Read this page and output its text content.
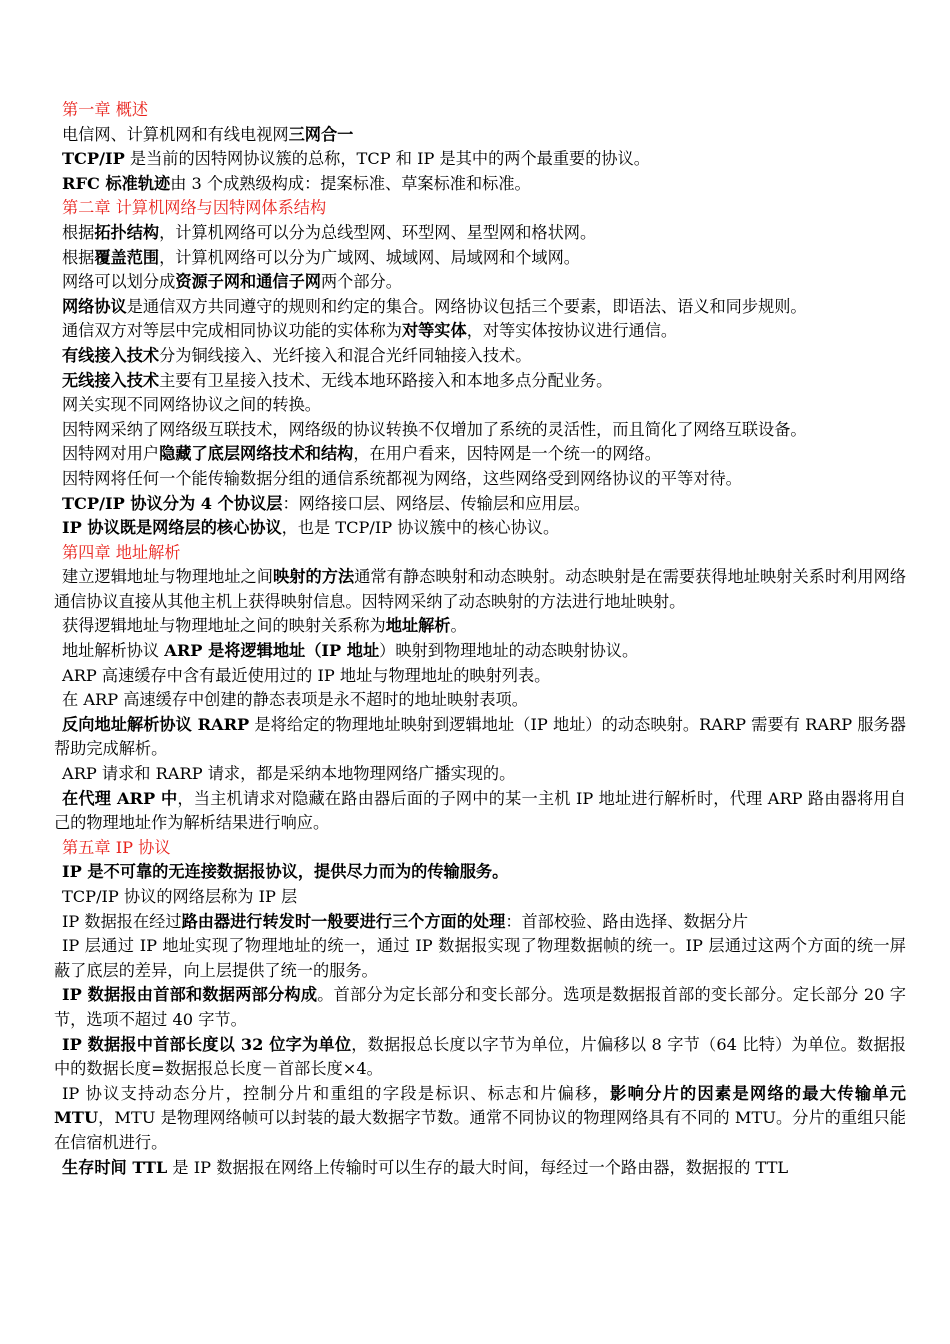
第一章 概述

电信网、计算机网和有线电视网三网合一

TCP/IP 是当前的因特网协议簇的总称，TCP 和 IP 是其中的两个最重要的协议。

RFC 标准轨迹由 3 个成熟级构成：提案标准、草案标准和标准。

第二章 计算机网络与因特网体系结构

根据拓扑结构，计算机网络可以分为总线型网、环型网、星型网和格状网。

根据覆盖范围，计算机网络可以分为广域网、城域网、局域网和个域网。

网络可以划分成资源子网和通信子网两个部分。

网络协议是通信双方共同遵守的规则和约定的集合。网络协议包括三个要素，即语法、语义和同步规则。

通信双方对等层中完成相同协议功能的实体称为对等实体，对等实体按协议进行通信。

有线接入技术分为铜线接入、光纤接入和混合光纤同轴接入技术。

无线接入技术主要有卫星接入技术、无线本地环路接入和本地多点分配业务。

网关实现不同网络协议之间的转换。

因特网采纳了网络级互联技术，网络级的协议转换不仅增加了系统的灵活性，而且简化了网络互联设备。

因特网对用户隐藏了底层网络技术和结构，在用户看来，因特网是一个统一的网络。

因特网将任何一个能传输数据分组的通信系统都视为网络，这些网络受到网络协议的平等对待。

TCP/IP 协议分为 4 个协议层：网络接口层、网络层、传输层和应用层。

IP 协议既是网络层的核心协议，也是 TCP/IP 协议簇中的核心协议。

第四章 地址解析

建立逻辑地址与物理地址之间映射的方法通常有静态映射和动态映射。动态映射是在需要获得地址映射关系时利用网络通信协议直接从其他主机上获得映射信息。因特网采纳了动态映射的方法进行地址映射。

获得逻辑地址与物理地址之间的映射关系称为地址解析。

地址解析协议 ARP 是将逻辑地址（IP 地址）映射到物理地址的动态映射协议。

ARP 高速缓存中含有最近使用过的 IP 地址与物理地址的映射列表。

在 ARP 高速缓存中创建的静态表项是永不超时的地址映射表项。

反向地址解析协议 RARP 是将给定的物理地址映射到逻辑地址（IP 地址）的动态映射。RARP 需要有 RARP 服务器帮助完成解析。

ARP 请求和 RARP 请求，都是采纳本地物理网络广播实现的。

在代理 ARP 中，当主机请求对隐藏在路由器后面的子网中的某一主机 IP 地址进行解析时，代理 ARP 路由器将用自己的物理地址作为解析结果进行响应。

第五章 IP 协议

IP 是不可靠的无连接数据报协议，提供尽力而为的传输服务。

TCP/IP 协议的网络层称为 IP 层

IP 数据报在经过路由器进行转发时一般要进行三个方面的处理：首部校验、路由选择、数据分片

IP 层通过 IP 地址实现了物理地址的统一，通过 IP 数据报实现了物理数据帧的统一。IP 层通过这两个方面的统一屏蔽了底层的差异，向上层提供了统一的服务。

IP 数据报由首部和数据两部分构成。首部分为定长部分和变长部分。选项是数据报首部的变长部分。定长部分 20 字节，选项不超过 40 字节。

IP 数据报中首部长度以 32 位字为单位，数据报总长度以字节为单位，片偏移以 8 字节（64 比特）为单位。数据报中的数据长度=数据报总长度－首部长度×4。

IP 协议支持动态分片，控制分片和重组的字段是标识、标志和片偏移，影响分片的因素是网络的最大传输单元 MTU，MTU 是物理网络帧可以封装的最大数据字节数。通常不同协议的物理网络具有不同的 MTU。分片的重组只能在信宿机进行。

生存时间 TTL 是 IP 数据报在网络上传输时可以生存的最大时间，每经过一个路由器，数据报的 TTL
